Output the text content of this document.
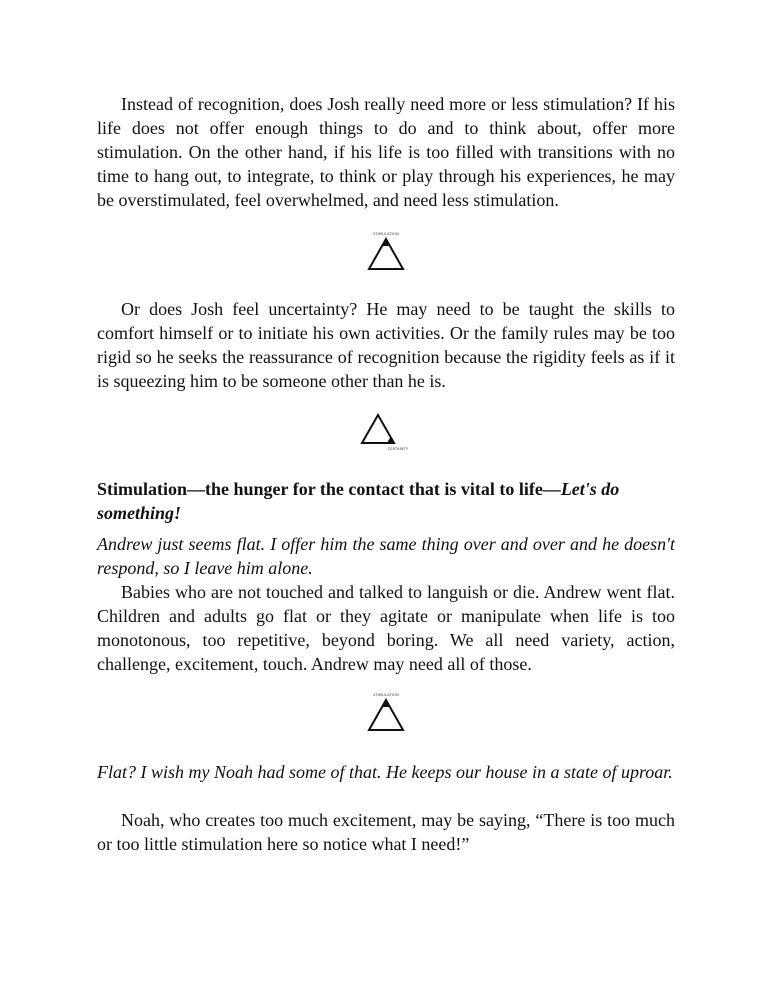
Instead of recognition, does Josh really need more or less stimulation? If his life does not offer enough things to do and to think about, offer more stimulation. On the other hand, if his life is too filled with transitions with no time to hang out, to integrate, to think or play through his experiences, he may be overstimulated, feel overwhelmed, and need less stimulation.

STIMULATION

Or does Josh feel uncertainty? He may need to be taught the skills to comfort himself or to initiate his own activities. Or the family rules may be too rigid so he seeks the reassurance of recognition because the rigidity feels as if it is squeezing him to be someone other than he is.

CERTAINTY

Stimulation—the hunger for the contact that is vital to life—Let's do something!

Andrew just seems flat. I offer him the same thing over and over and he doesn't respond, so I leave him alone.

Babies who are not touched and talked to languish or die. Andrew went flat. Children and adults go flat or they agitate or manipulate when life is too monotonous, too repetitive, beyond boring. We all need variety, action, challenge, excitement, touch. Andrew may need all of those.

STIMULATION

Flat? I wish my Noah had some of that. He keeps our house in a state of uproar.

Noah, who creates too much excitement, may be saying, “There is too much or too little stimulation here so notice what I need!”
